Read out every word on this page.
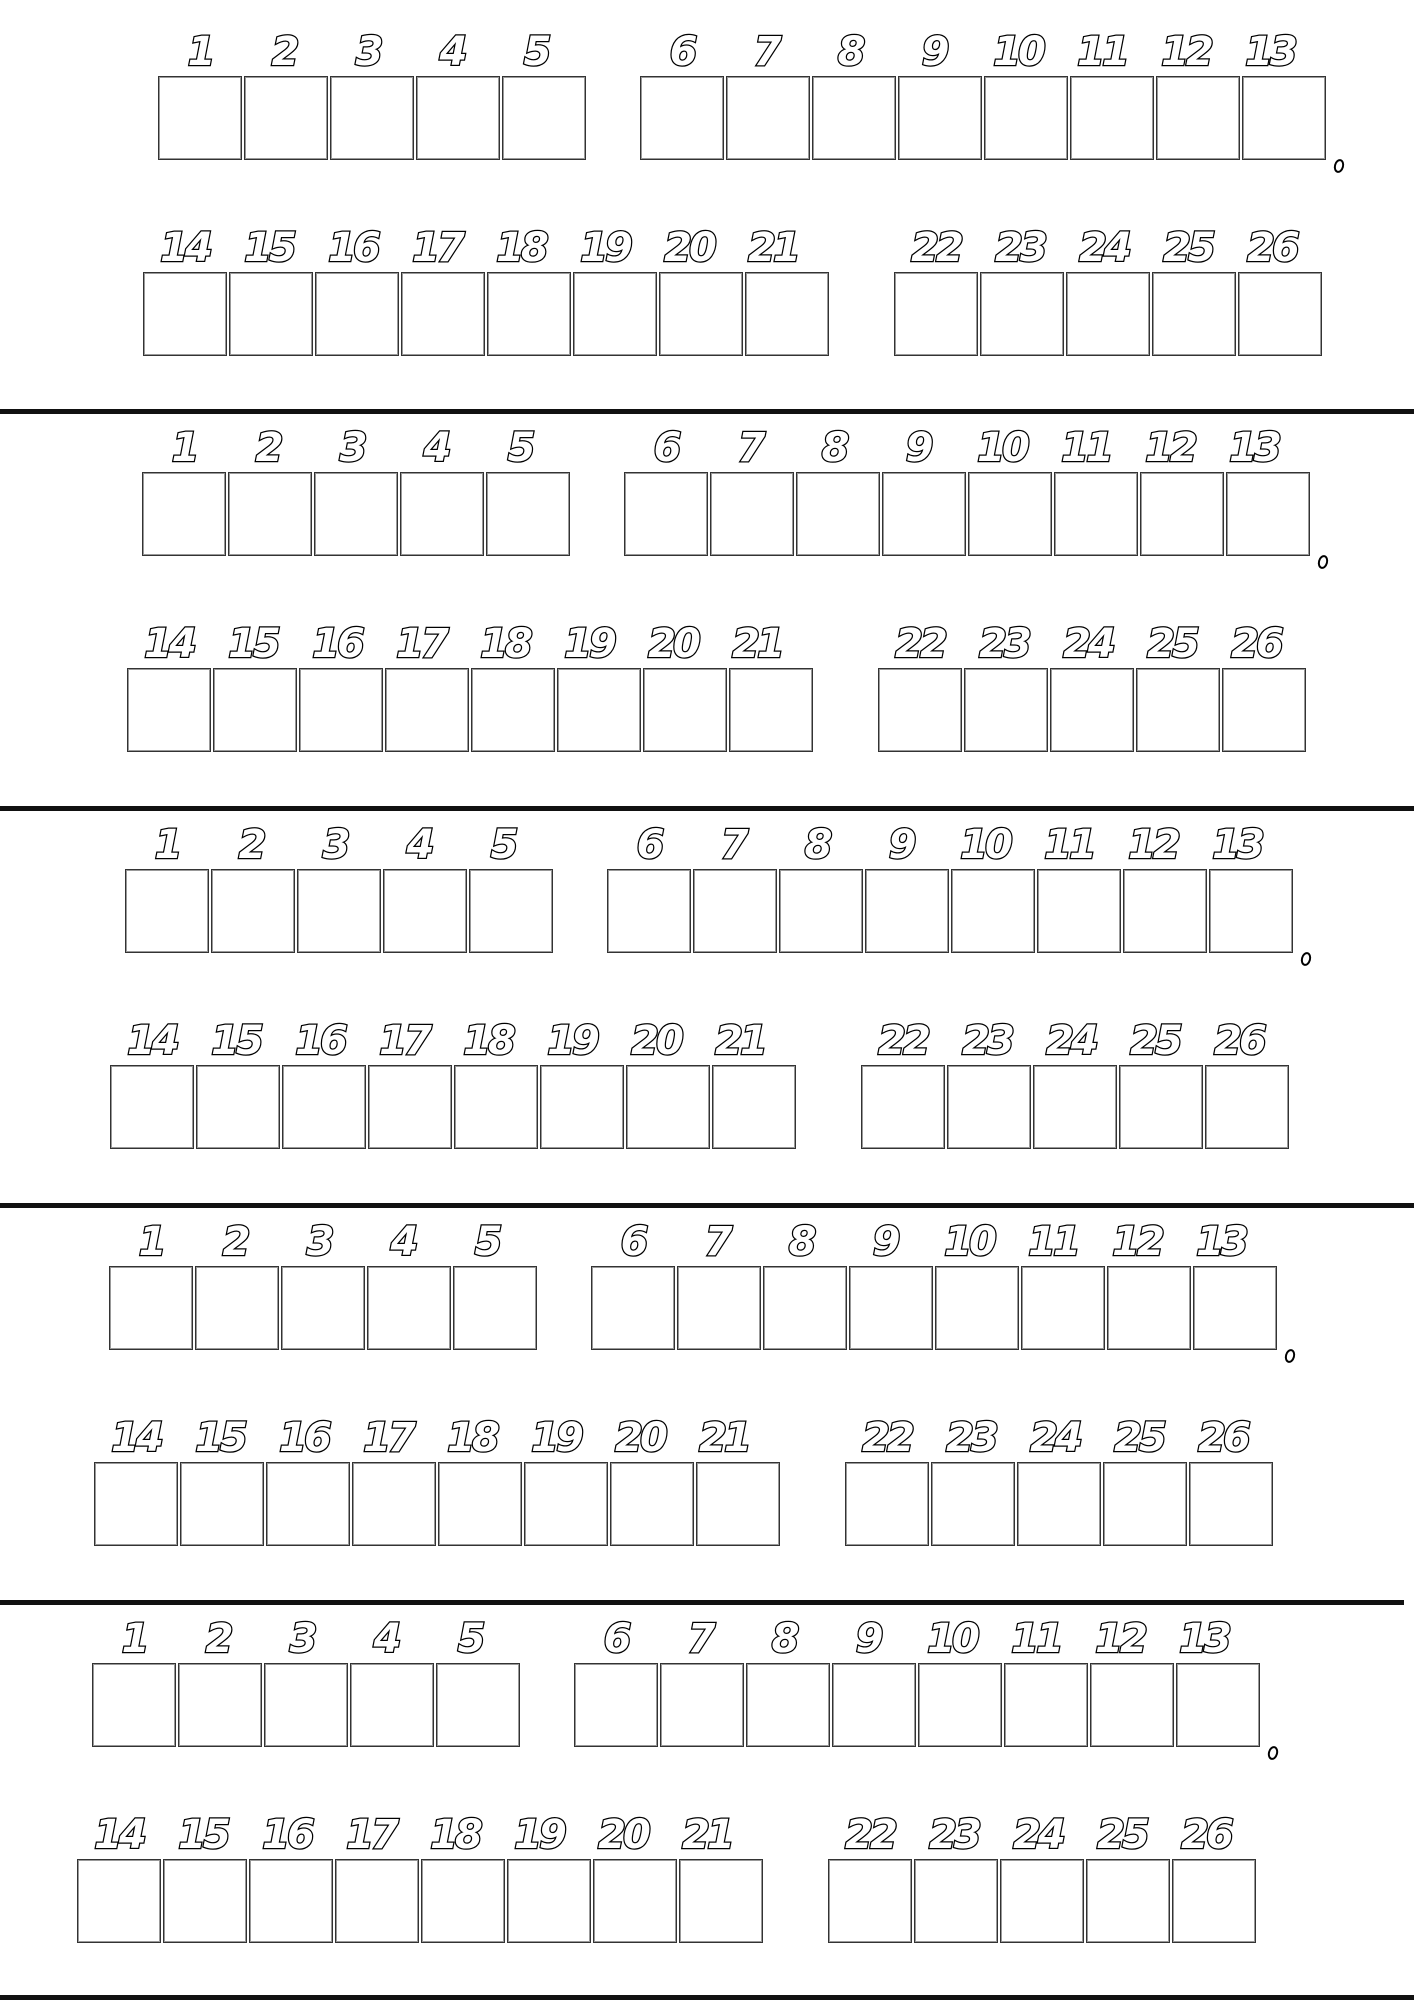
1	2	3	4	5	6	7	8	9	10 11 12 13
14 15 16 17 18 19 20 21	22 23 24 25 26
1	2	3	4	5	6	7	8	9	10 11 12 13
14 15 16 17 18 19 20 21	22 23 24 25 26
1	2	3	4	5	6	7	8	9	10 11 12 13
14 15 16 17 18 19 20 21	22 23 24 25 26
1	2	3	4	5	6	7	8	9	10 11 12 13
14 15 16 17 18 19 20 21	22 23 24 25 26
1	2	3	4	5	6	7	8	9	10 11 12 13
14 15 16 17 18 19 20 21	22 23 24 25 26
